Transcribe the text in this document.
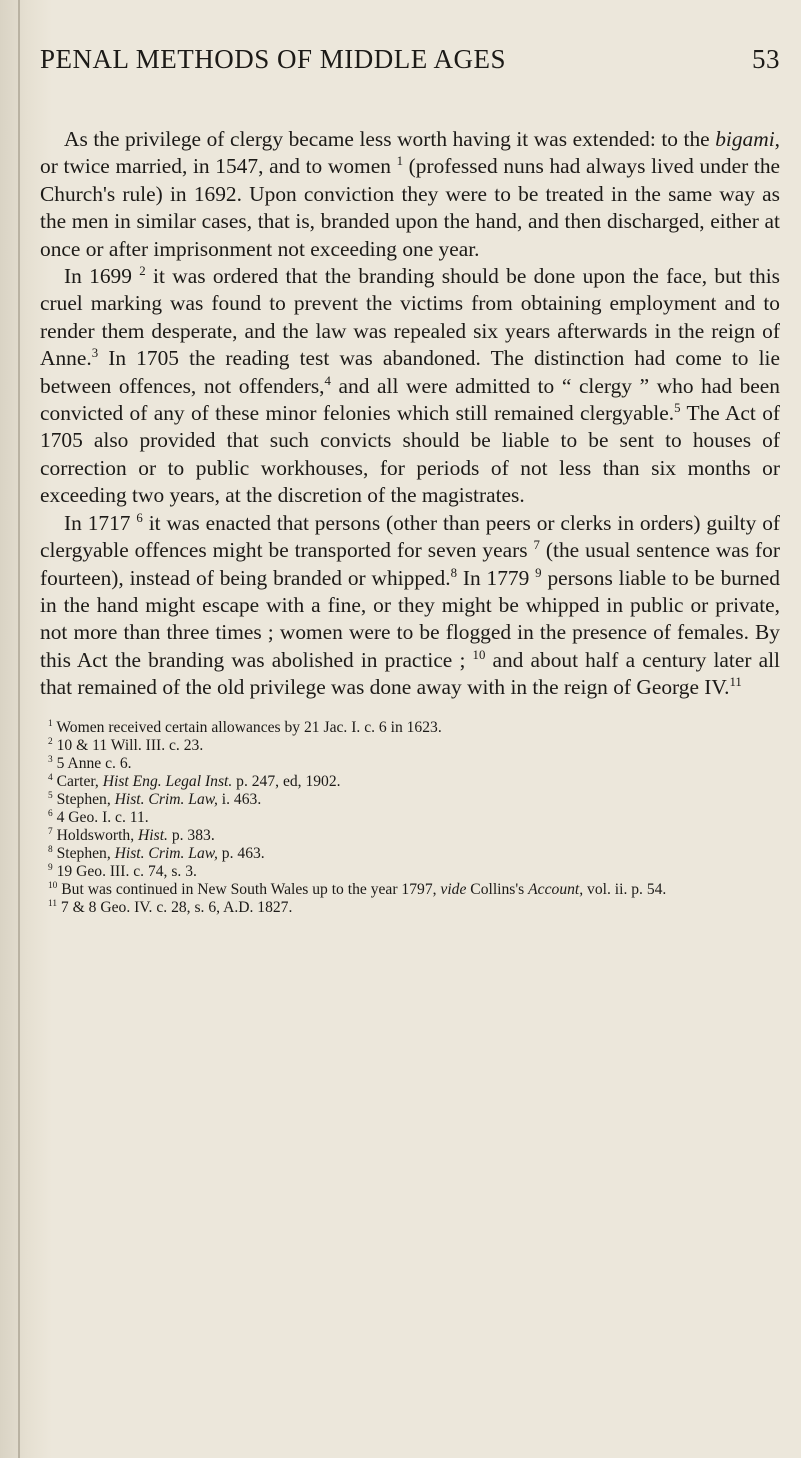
PENAL METHODS OF MIDDLE AGES	53

As the privilege of clergy became less worth having it was extended: to the bigami, or twice married, in 1547, and to women $^1$ (professed nuns had always lived under the Church's rule) in 1692. Upon conviction they were to be treated in the same way as the men in similar cases, that is, branded upon the hand, and then discharged, either at once or after imprisonment not exceeding one year.

In 1699 $^2$ it was ordered that the branding should be done upon the face, but this cruel marking was found to prevent the victims from obtaining employment and to render them desperate, and the law was repealed six years afterwards in the reign of Anne.$^3$ In 1705 the reading test was abandoned. The distinction had come to lie between offences, not offenders,$^4$ and all were admitted to “ clergy ” who had been convicted of any of these minor felonies which still remained clergyable.$^5$ The Act of 1705 also provided that such convicts should be liable to be sent to houses of correction or to public workhouses, for periods of not less than six months or exceeding two years, at the discretion of the magistrates.

In 1717 $^6$ it was enacted that persons (other than peers or clerks in orders) guilty of clergyable offences might be transported for seven years $^7$ (the usual sentence was for fourteen), instead of being branded or whipped.$^8$ In 1779 $^9$ persons liable to be burned in the hand might escape with a fine, or they might be whipped in public or private, not more than three times ; women were to be flogged in the presence of females. By this Act the branding was abolished in practice ; $^{10}$ and about half a century later all that remained of the old privilege was done away with in the reign of George IV.$^{11}$

$^1$ Women received certain allowances by 21 Jac. I. c. 6 in 1623.
$^2$ 10 & 11 Will. III. c. 23.
$^3$ 5 Anne c. 6.
$^4$ Carter, Hist Eng. Legal Inst. p. 247, ed, 1902.
$^5$ Stephen, Hist. Crim. Law, i. 463.
$^6$ 4 Geo. I. c. 11.
$^7$ Holdsworth, Hist. p. 383.
$^8$ Stephen, Hist. Crim. Law, p. 463.
$^9$ 19 Geo. III. c. 74, s. 3.
$^{10}$ But was continued in New South Wales up to the year 1797, vide Collins's Account, vol. ii. p. 54.
$^{11}$ 7 & 8 Geo. IV. c. 28, s. 6, A.D. 1827.
